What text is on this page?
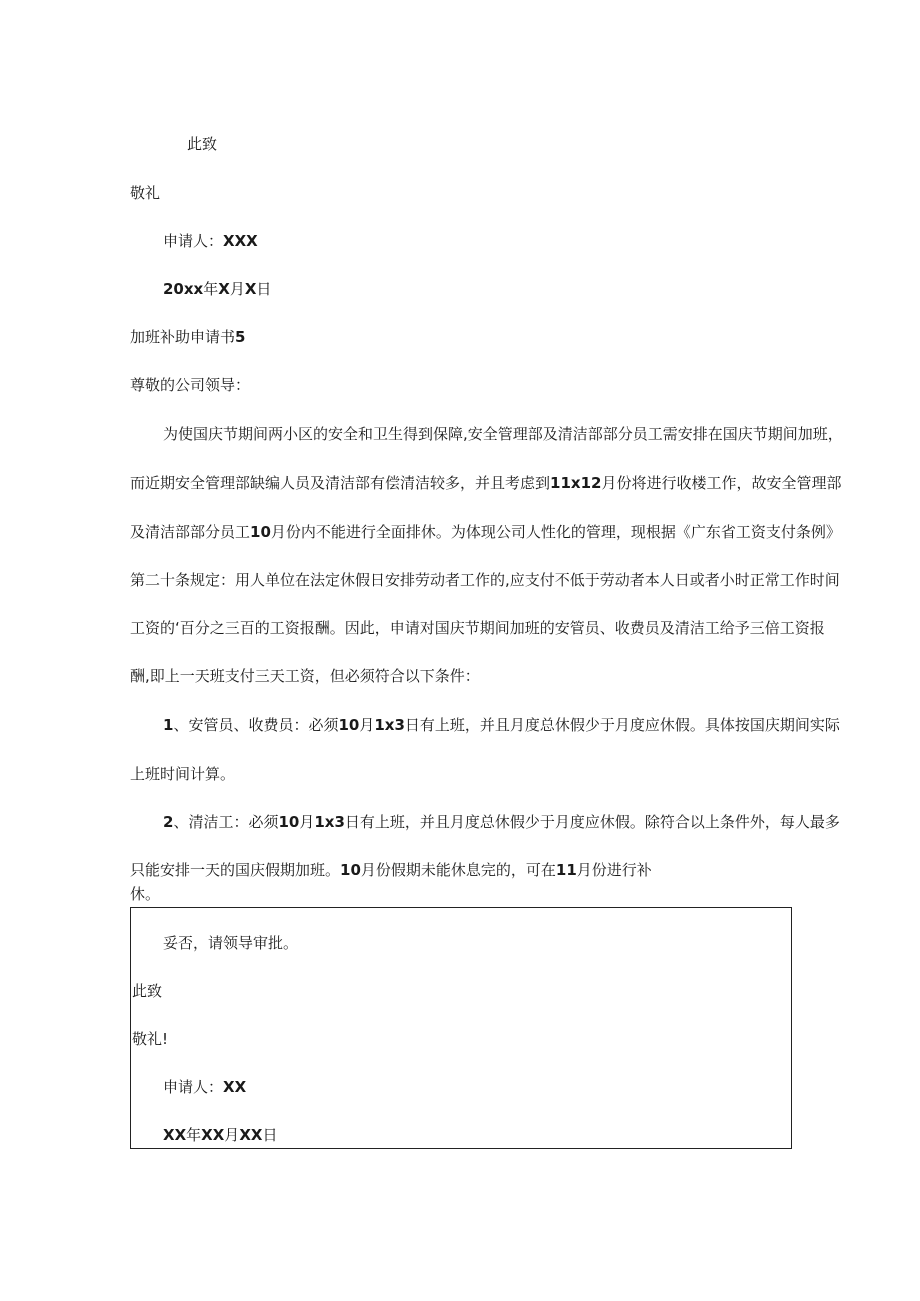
此致
敬礼
申请人：XXX
20xx年X月X日
加班补助申请书5
尊敬的公司领导：
为使国庆节期间两小区的安全和卫生得到保障,安全管理部及清洁部部分员工需安排在国庆节期间加班，
而近期安全管理部缺编人员及清洁部有偿清洁较多，并且考虑到11x12月份将进行收楼工作，故安全管理部
及清洁部部分员工10月份内不能进行全面排休。为体现公司人性化的管理，现根据《广东省工资支付条例》
第二十条规定：用人单位在法定休假日安排劳动者工作的,应支付不低于劳动者本人日或者小时正常工作时间
工资的‘百分之三百的工资报酬。因此，申请对国庆节期间加班的安管员、收费员及清洁工给予三倍工资报
酬,即上一天班支付三天工资，但必须符合以下条件：
1、安管员、收费员：必须10月1x3日有上班，并且月度总休假少于月度应休假。具体按国庆期间实际
上班时间计算。
2、清洁工：必须10月1x3日有上班，并且月度总休假少于月度应休假。除符合以上条件外，每人最多
只能安排一天的国庆假期加班。10月份假期未能休息完的，可在11月份进行补
休。
妥否，请领导审批。
此致
敬礼!
申请人：XX
XX年XX月XX日
